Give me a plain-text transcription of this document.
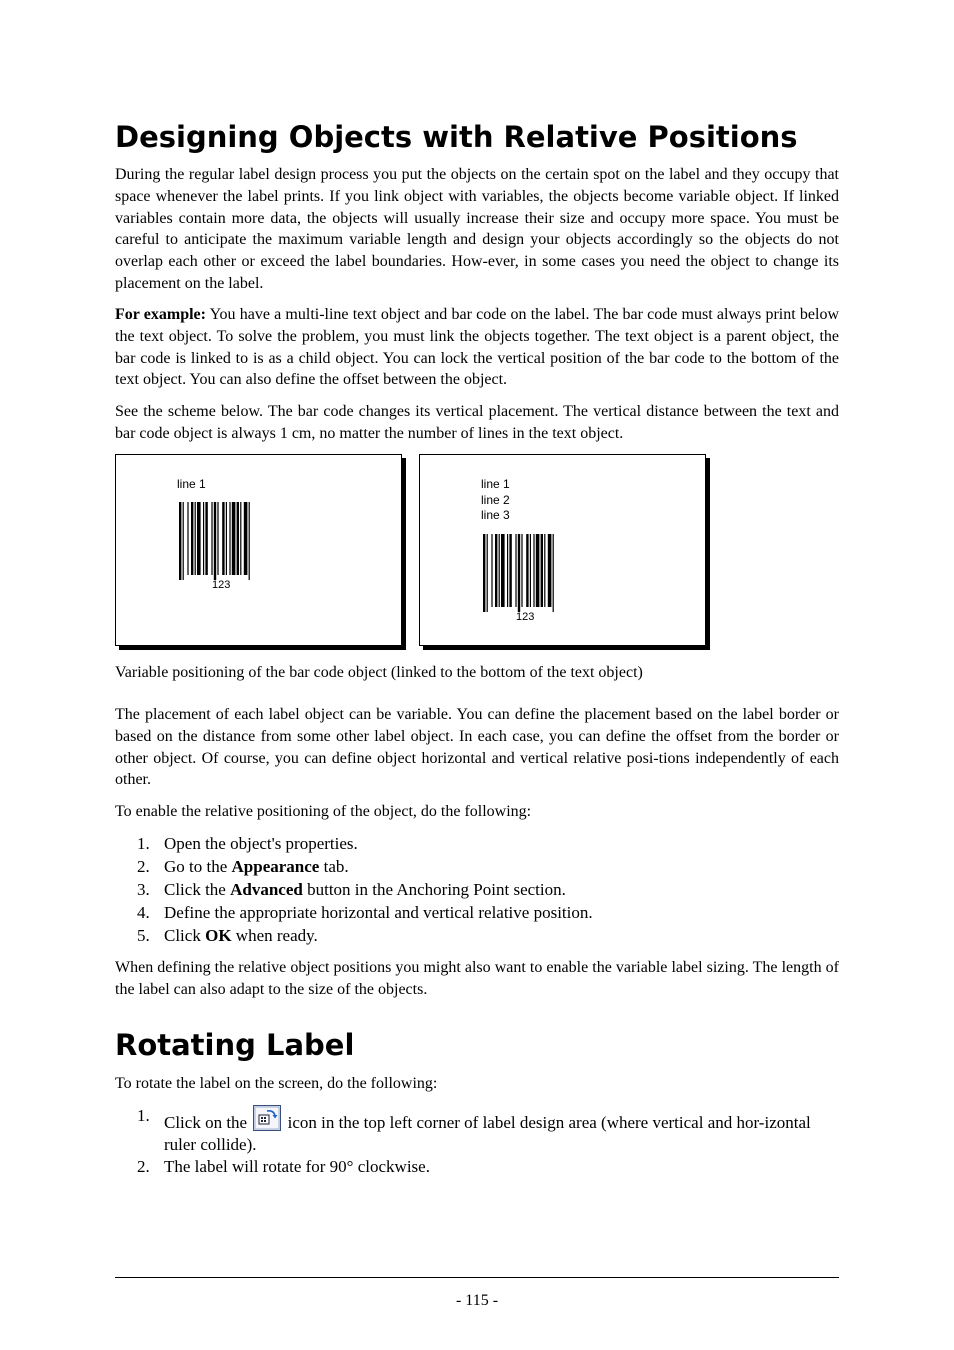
Designing Objects with Relative Positions

During the regular label design process you put the objects on the certain spot on the label and they occupy that space whenever the label prints. If you link object with variables, the objects become variable object. If linked variables contain more data, the objects will usually increase their size and occupy more space. You must be careful to anticipate the maximum variable length and design your objects accordingly so the objects do not overlap each other or exceed the label boundaries. How-ever, in some cases you need the object to change its placement on the label.

For example: You have a multi-line text object and bar code on the label. The bar code must always print below the text object. To solve the problem, you must link the objects together. The text object is a parent object, the bar code is linked to is as a child object. You can lock the vertical position of the bar code to the bottom of the text object. You can also define the offset between the object.

See the scheme below. The bar code changes its vertical placement. The vertical distance between the text and bar code object is always 1 cm, no matter the number of lines in the text object.

line 1
123
line 1
line 2
line 3
123

Variable positioning of the bar code object (linked to the bottom of the text object)

The placement of each label object can be variable. You can define the placement based on the label border or based on the distance from some other label object. In each case, you can define the offset from the border or other object. Of course, you can define object horizontal and vertical relative posi-tions independently of each other.

To enable the relative positioning of the object, do the following:

1. Open the object's properties.
2. Go to the Appearance tab.
3. Click the Advanced button in the Anchoring Point section.
4. Define the appropriate horizontal and vertical relative position.
5. Click OK when ready.

When defining the relative object positions you might also want to enable the variable label sizing. The length of the label can also adapt to the size of the objects.

Rotating Label

To rotate the label on the screen, do the following:

1. Click on the  icon in the top left corner of label design area (where vertical and hor-izontal ruler collide).
2. The label will rotate for 90° clockwise.
- 115 -
